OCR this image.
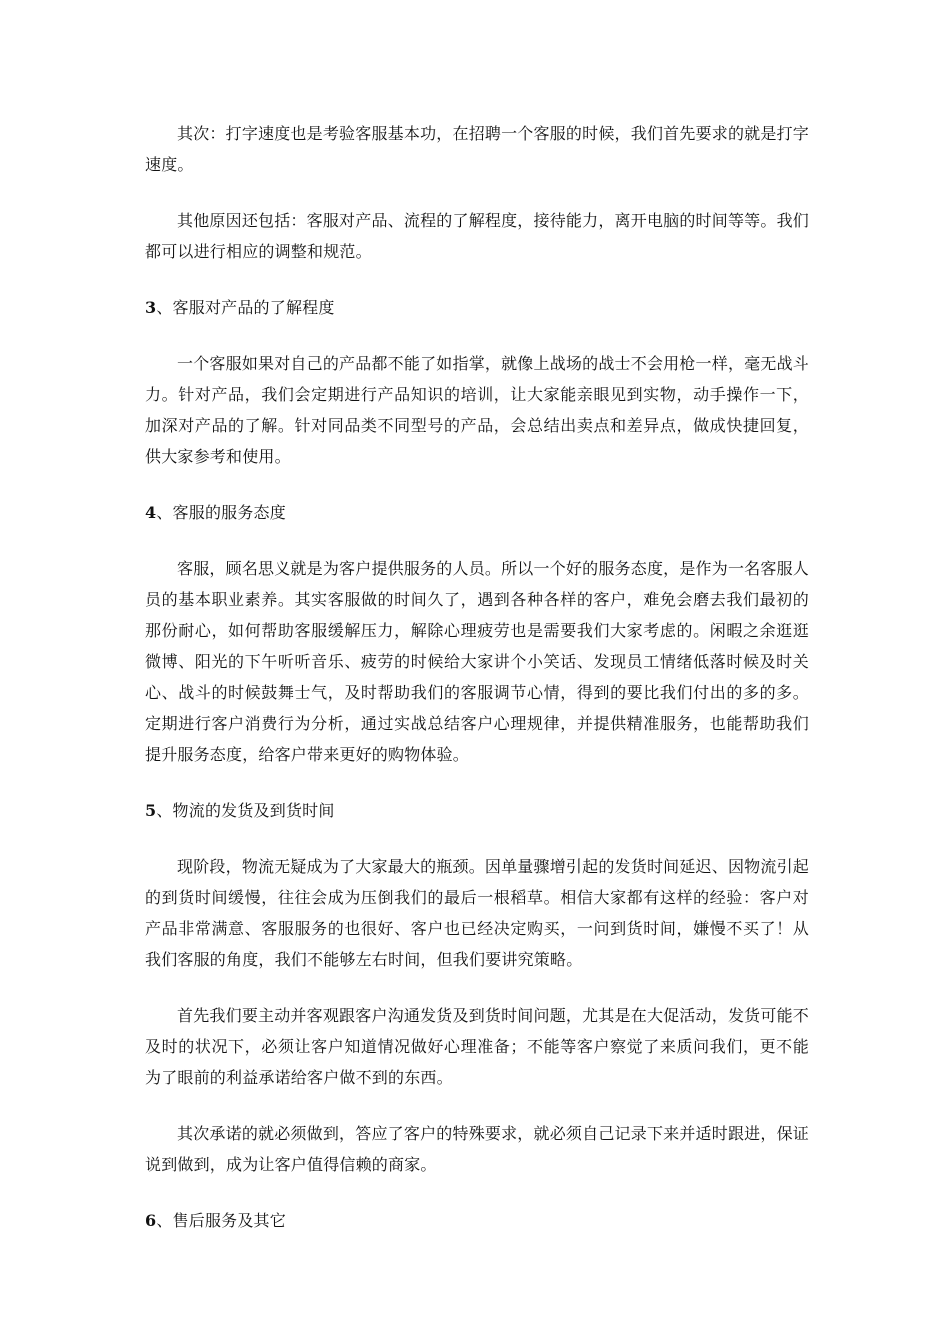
其次：打字速度也是考验客服基本功，在招聘一个客服的时候，我们首先要求的就是打字速度。

其他原因还包括：客服对产品、流程的了解程度，接待能力，离开电脑的时间等等。我们都可以进行相应的调整和规范。

3、客服对产品的了解程度

一个客服如果对自己的产品都不能了如指掌，就像上战场的战士不会用枪一样，毫无战斗力。针对产品，我们会定期进行产品知识的培训，让大家能亲眼见到实物，动手操作一下，加深对产品的了解。针对同品类不同型号的产品，会总结出卖点和差异点，做成快捷回复，供大家参考和使用。

4、客服的服务态度

客服，顾名思义就是为客户提供服务的人员。所以一个好的服务态度，是作为一名客服人员的基本职业素养。其实客服做的时间久了，遇到各种各样的客户，难免会磨去我们最初的那份耐心，如何帮助客服缓解压力，解除心理疲劳也是需要我们大家考虑的。闲暇之余逛逛微博、阳光的下午听听音乐、疲劳的时候给大家讲个小笑话、发现员工情绪低落时候及时关心、战斗的时候鼓舞士气，及时帮助我们的客服调节心情，得到的要比我们付出的多的多。定期进行客户消费行为分析，通过实战总结客户心理规律，并提供精准服务，也能帮助我们提升服务态度，给客户带来更好的购物体验。

5、物流的发货及到货时间

现阶段，物流无疑成为了大家最大的瓶颈。因单量骤增引起的发货时间延迟、因物流引起的到货时间缓慢，往往会成为压倒我们的最后一根稻草。相信大家都有这样的经验：客户对产品非常满意、客服服务的也很好、客户也已经决定购买，一问到货时间，嫌慢不买了！从我们客服的角度，我们不能够左右时间，但我们要讲究策略。

首先我们要主动并客观跟客户沟通发货及到货时间问题，尤其是在大促活动，发货可能不及时的状况下，必须让客户知道情况做好心理准备；不能等客户察觉了来质问我们，更不能为了眼前的利益承诺给客户做不到的东西。

其次承诺的就必须做到，答应了客户的特殊要求，就必须自己记录下来并适时跟进，保证说到做到，成为让客户值得信赖的商家。

6、售后服务及其它
